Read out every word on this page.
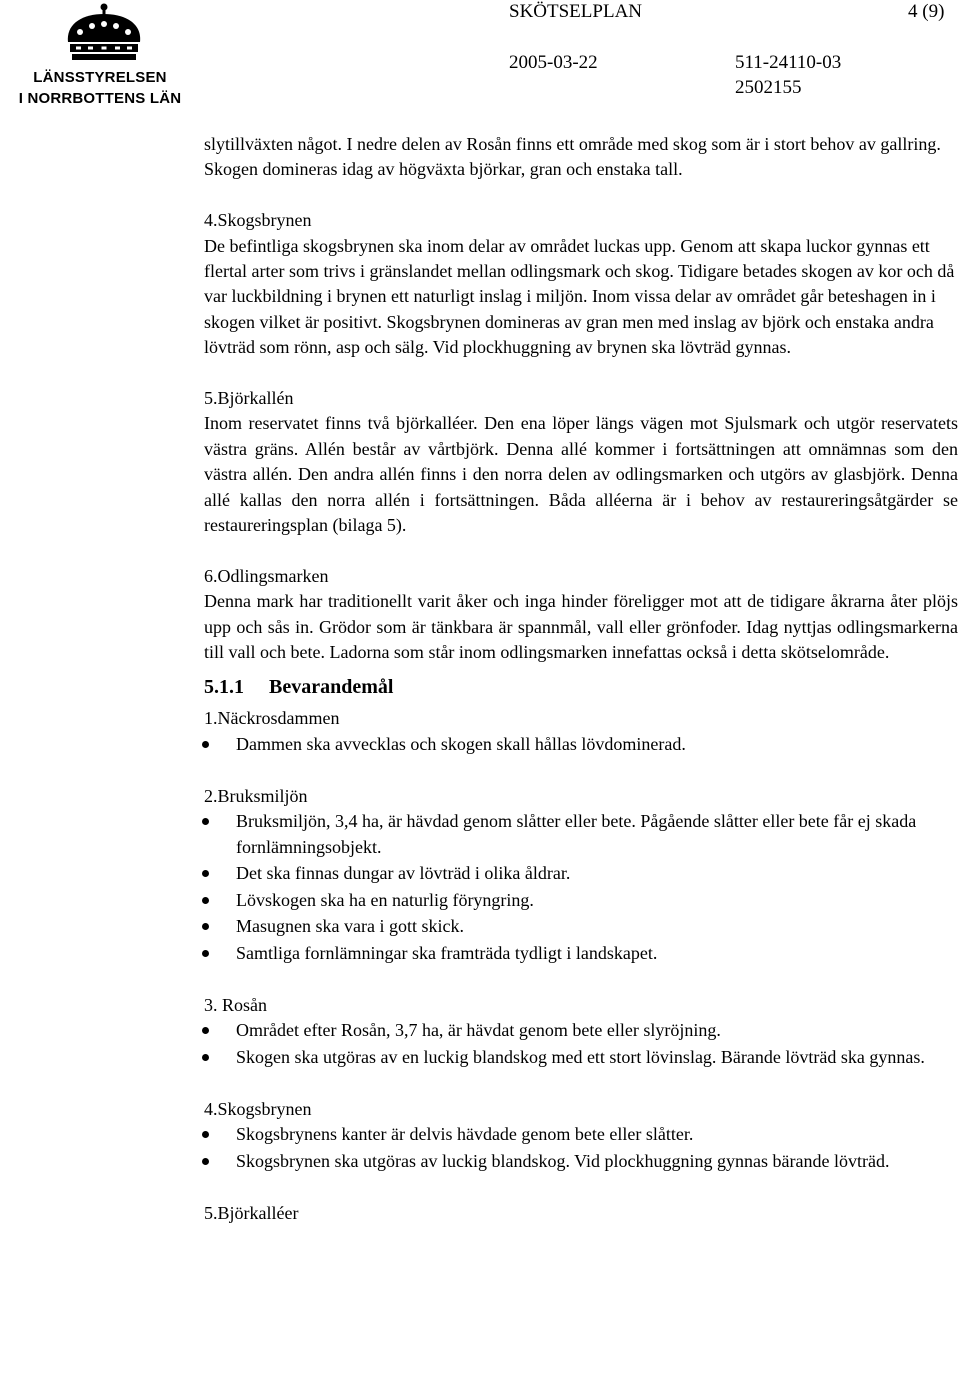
LÄNSSTYRELSEN
I NORRBOTTENS LÄN
SKÖTSELPLAN	4 (9)
2005-03-22	511-24110-03
2502155

slytillväxten något. I nedre delen av Rosån finns ett område med skog som är i stort behov av gallring. Skogen domineras idag av högväxta björkar, gran och enstaka tall.

4.Skogsbrynen

De befintliga skogsbrynen ska inom delar av området luckas upp. Genom att skapa luckor gynnas ett flertal arter som trivs i gränslandet mellan odlingsmark och skog. Tidigare betades skogen av kor och då var luckbildning i brynen ett naturligt inslag i miljön. Inom vissa delar av området går beteshagen in i skogen vilket är positivt. Skogsbrynen domineras av gran men med inslag av björk och enstaka andra lövträd som rönn, asp och sälg. Vid plockhuggning av brynen ska lövträd gynnas.

5.Björkallén

Inom reservatet finns två björkalléer. Den ena löper längs vägen mot Sjulsmark och utgör reservatets västra gräns. Allén består av vårtbjörk. Denna allé kommer i fortsättningen att omnämnas som den västra allén. Den andra allén finns i den norra delen av odlingsmarken och utgörs av glasbjörk. Denna allé kallas den norra allén i fortsättningen. Båda alléerna är i behov av restaureringsåtgärder se restaureringsplan (bilaga 5).

6.Odlingsmarken

Denna mark har traditionellt varit åker och inga hinder föreligger mot att de tidigare åkrarna åter plöjs upp och sås in. Grödor som är tänkbara är spannmål, vall eller grönfoder. Idag nyttjas odlingsmarkerna till vall och bete. Ladorna som står inom odlingsmarken innefattas också i detta skötselområde.

5.1.1 Bevarandemål

1.Näckrosdammen

Dammen ska avvecklas och skogen skall hållas lövdominerad.

2.Bruksmiljön

Bruksmiljön, 3,4 ha, är hävdad genom slåtter eller bete. Pågående slåtter eller bete får ej skada fornlämningsobjekt.
Det ska finnas dungar av lövträd i olika åldrar.
Lövskogen ska ha en naturlig föryngring.
Masugnen ska vara i gott skick.
Samtliga fornlämningar ska framträda tydligt i landskapet.

3. Rosån

Området efter Rosån, 3,7 ha, är hävdat genom bete eller slyröjning.
Skogen ska utgöras av en luckig blandskog med ett stort lövinslag. Bärande lövträd ska gynnas.

4.Skogsbrynen

Skogsbrynens kanter är delvis hävdade genom bete eller slåtter.
Skogsbrynen ska utgöras av luckig blandskog. Vid plockhuggning gynnas bärande lövträd.

5.Björkalléer
